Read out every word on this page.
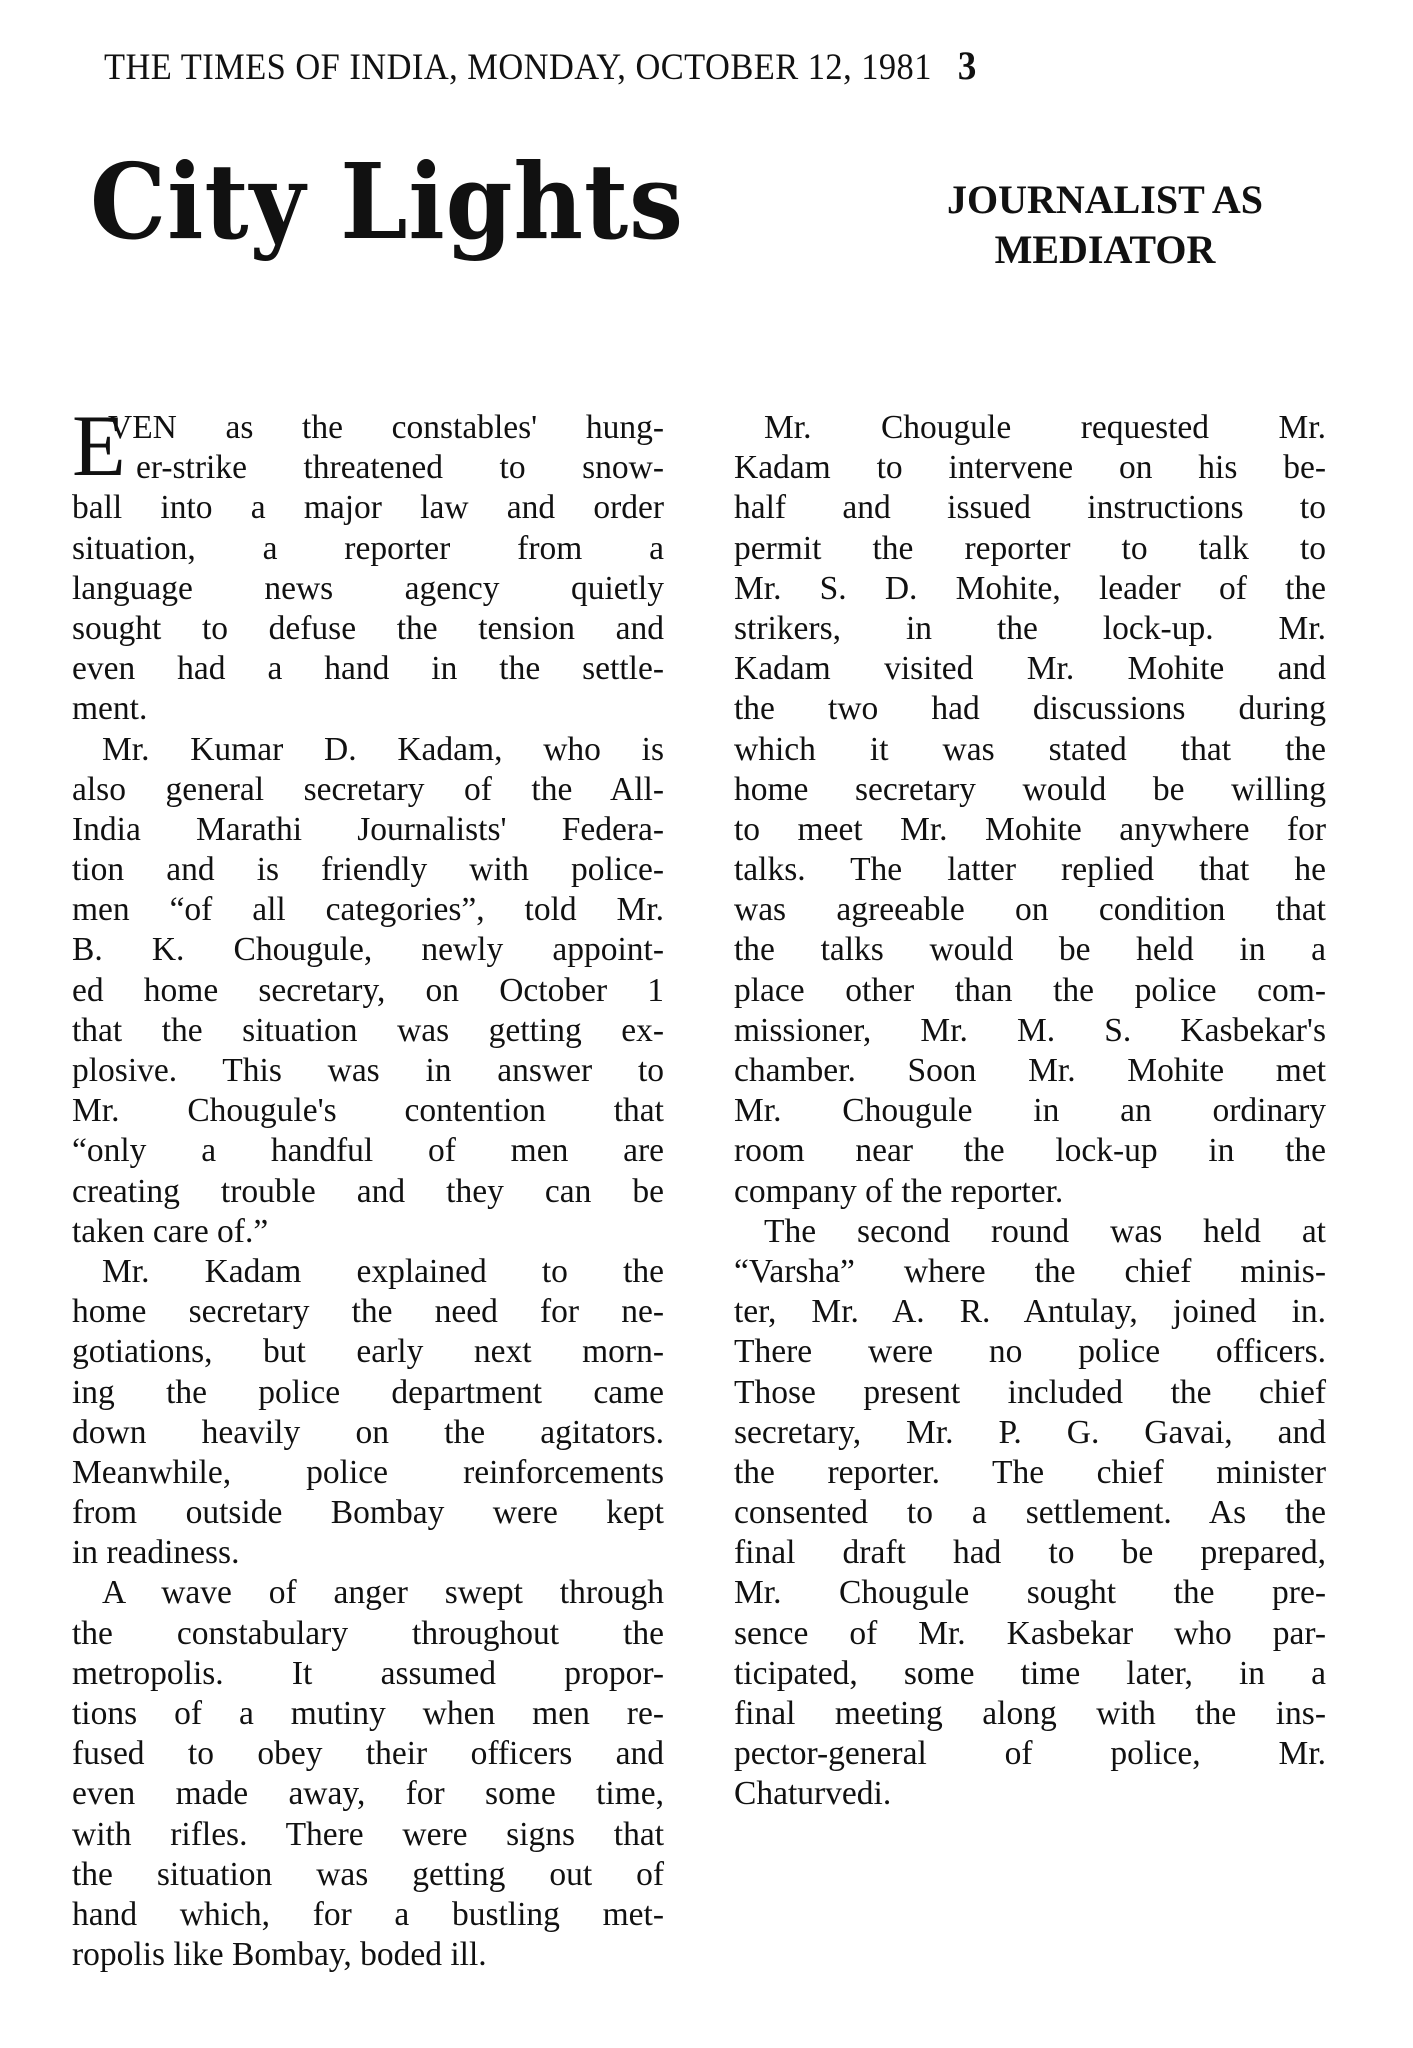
THE TIMES OF INDIA, MONDAY, OCTOBER 12, 1981 3
City Lights	JOURNALIST AS
MEDIATOR
E
VEN as the constables' hung-
er-strike threatened to snow-
ball into a major law and order
situation, a reporter from a
language news agency quietly
sought to defuse the tension and
even had a hand in the settle-
ment.
Mr. Kumar D. Kadam, who is
also general secretary of the All-
India Marathi Journalists' Federa-
tion and is friendly with police-
men “of all categories”, told Mr.
B. K. Chougule, newly appoint-
ed home secretary, on October 1
that the situation was getting ex-
plosive. This was in answer to
Mr. Chougule's contention that
“only a handful of men are
creating trouble and they can be
taken care of.”
Mr. Kadam explained to the
home secretary the need for ne-
gotiations, but early next morn-
ing the police department came
down heavily on the agitators.
Meanwhile, police reinforcements
from outside Bombay were kept
in readiness.
A wave of anger swept through
the constabulary throughout the
metropolis. It assumed propor-
tions of a mutiny when men re-
fused to obey their officers and
even made away, for some time,
with rifles. There were signs that
the situation was getting out of
hand which, for a bustling met-
ropolis like Bombay, boded ill.
Mr. Chougule requested Mr.
Kadam to intervene on his be-
half and issued instructions to
permit the reporter to talk to
Mr. S. D. Mohite, leader of the
strikers, in the lock-up. Mr.
Kadam visited Mr. Mohite and
the two had discussions during
which it was stated that the
home secretary would be willing
to meet Mr. Mohite anywhere for
talks. The latter replied that he
was agreeable on condition that
the talks would be held in a
place other than the police com-
missioner, Mr. M. S. Kasbekar's
chamber. Soon Mr. Mohite met
Mr. Chougule in an ordinary
room near the lock-up in the
company of the reporter.
The second round was held at
“Varsha” where the chief minis-
ter, Mr. A. R. Antulay, joined in.
There were no police officers.
Those present included the chief
secretary, Mr. P. G. Gavai, and
the reporter. The chief minister
consented to a settlement. As the
final draft had to be prepared,
Mr. Chougule sought the pre-
sence of Mr. Kasbekar who par-
ticipated, some time later, in a
final meeting along with the ins-
pector-general of police, Mr.
Chaturvedi.
